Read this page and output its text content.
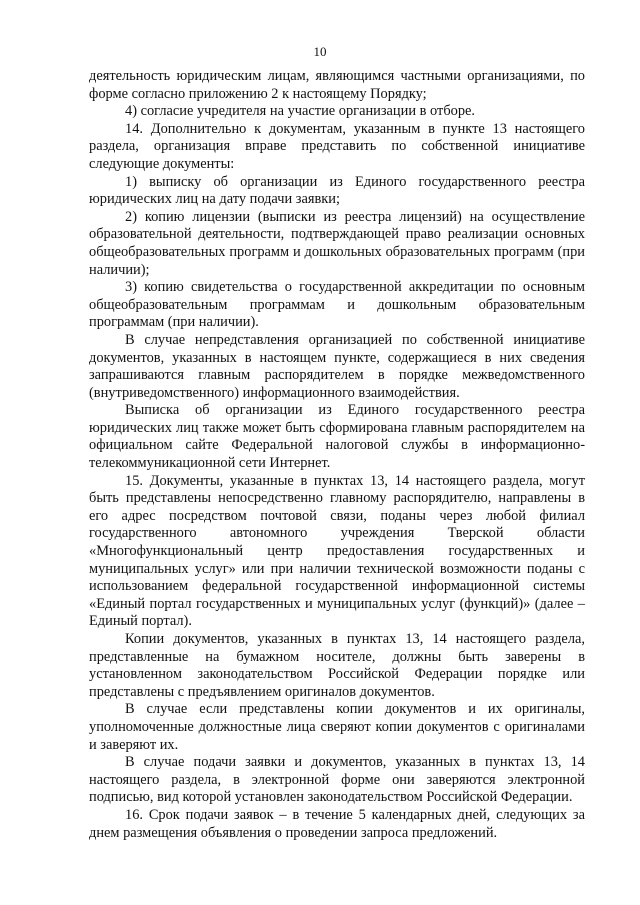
10

деятельность юридическим лицам, являющимся частными организациями, по форме согласно приложению 2 к настоящему Порядку;

4) согласие учредителя на участие организации в отборе.

14. Дополнительно к документам, указанным в пункте 13 настоящего раздела, организация вправе представить по собственной инициативе следующие документы:

1) выписку об организации из Единого государственного реестра юридических лиц на дату подачи заявки;

2) копию лицензии (выписки из реестра лицензий) на осуществление образовательной деятельности, подтверждающей право реализации основных общеобразовательных программ и дошкольных образовательных программ (при наличии);

3) копию свидетельства о государственной аккредитации по основным общеобразовательным программам и дошкольным образовательным программам (при наличии).

В случае непредставления организацией по собственной инициативе документов, указанных в настоящем пункте, содержащиеся в них сведения запрашиваются главным распорядителем в порядке межведомственного (внутриведомственного) информационного взаимодействия.

Выписка об организации из Единого государственного реестра юридических лиц также может быть сформирована главным распорядителем на официальном сайте Федеральной налоговой службы в информационно-телекоммуникационной сети Интернет.

15. Документы, указанные в пунктах 13, 14 настоящего раздела, могут быть представлены непосредственно главному распорядителю, направлены в его адрес посредством почтовой связи, поданы через любой филиал государственного автономного учреждения Тверской области «Многофункциональный центр предоставления государственных и муниципальных услуг» или при наличии технической возможности поданы с использованием федеральной государственной информационной системы «Единый портал государственных и муниципальных услуг (функций)» (далее – Единый портал).

Копии документов, указанных в пунктах 13, 14 настоящего раздела, представленные на бумажном носителе, должны быть заверены в установленном законодательством Российской Федерации порядке или представлены с предъявлением оригиналов документов.

В случае если представлены копии документов и их оригиналы, уполномоченные должностные лица сверяют копии документов с оригиналами и заверяют их.

В случае подачи заявки и документов, указанных в пунктах 13, 14 настоящего раздела, в электронной форме они заверяются электронной подписью, вид которой установлен законодательством Российской Федерации.

16. Срок подачи заявок – в течение 5 календарных дней, следующих за днем размещения объявления о проведении запроса предложений.
